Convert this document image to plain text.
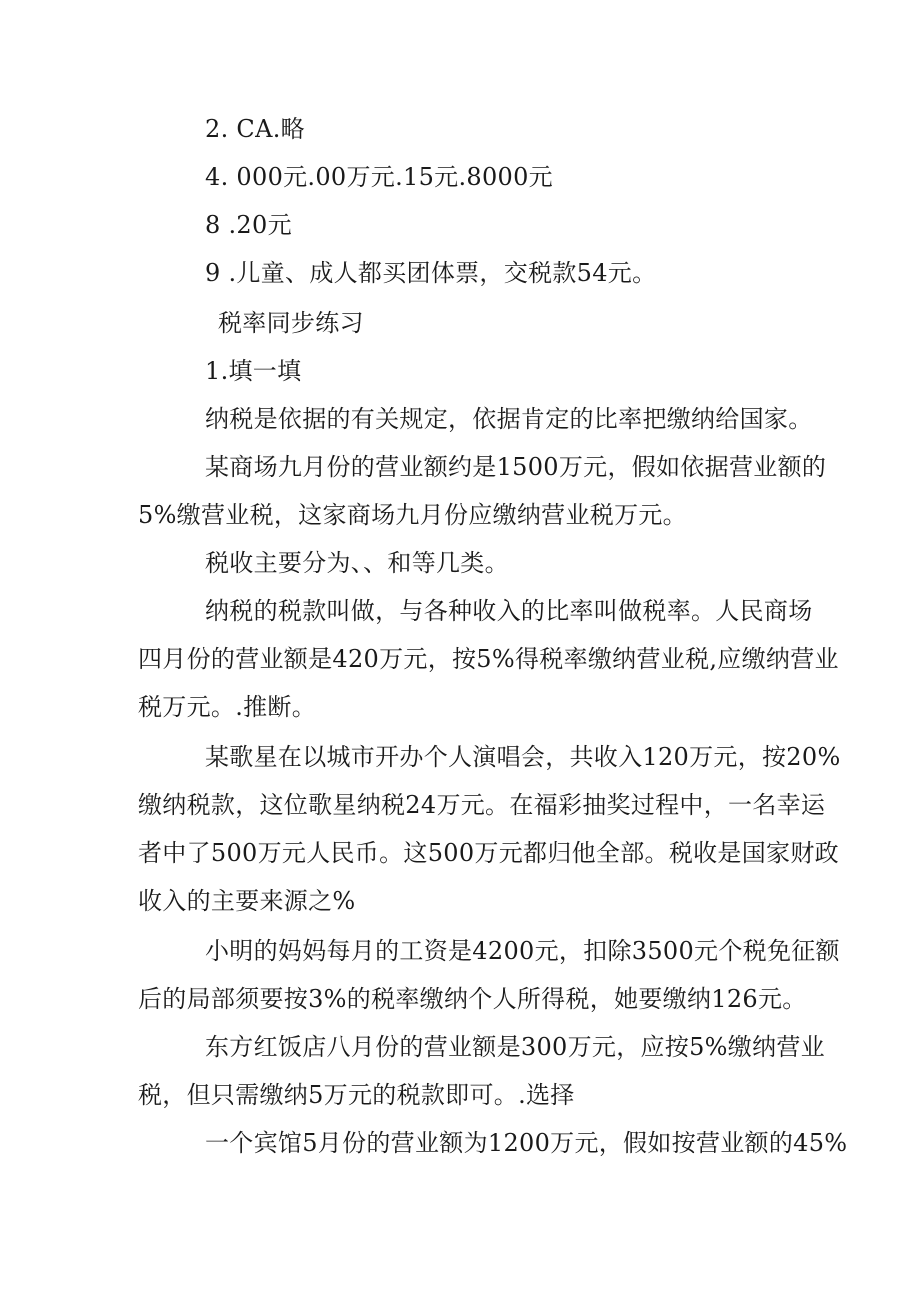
2. CA.略
4. 000元.00万元.15元.8000元
8 .20元
9 .儿童、成人都买团体票，交税款54元。
税率同步练习
1.填一填
纳税是依据的有关规定，依据肯定的比率把缴纳给国家。
某商场九月份的营业额约是1500万元，假如依据营业额的
5%缴营业税，这家商场九月份应缴纳营业税万元。
税收主要分为、、和等几类。
纳税的税款叫做，与各种收入的比率叫做税率。人民商场
四月份的营业额是420万元，按5%得税率缴纳营业税,应缴纳营业
税万元。.推断。
某歌星在以城市开办个人演唱会，共收入120万元，按20%
缴纳税款，这位歌星纳税24万元。在福彩抽奖过程中，一名幸运
者中了500万元人民币。这500万元都归他全部。税收是国家财政
收入的主要来源之%
小明的妈妈每月的工资是4200元，扣除3500元个税免征额
后的局部须要按3%的税率缴纳个人所得税，她要缴纳126元。
东方红饭店八月份的营业额是300万元，应按5%缴纳营业
税，但只需缴纳5万元的税款即可。.选择
一个宾馆5月份的营业额为1200万元，假如按营业额的45%
